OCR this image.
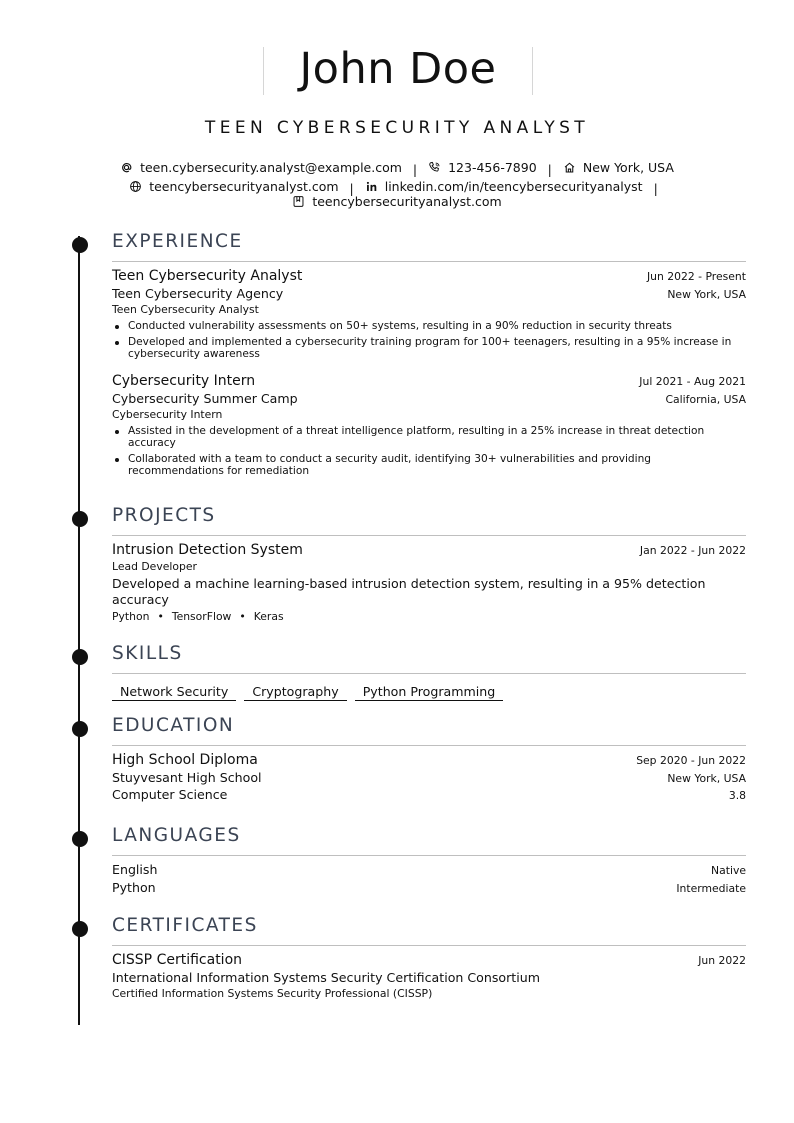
John Doe
TEEN CYBERSECURITY ANALYST
teen.cybersecurity.analyst@example.com | 123-456-7890 | New York, USA
teencybersecurityanalyst.com | linkedin.com/in/teencybersecurityanalyst |
teencybersecurityanalyst.com
EXPERIENCE
Teen Cybersecurity Analyst	Jun 2022 - Present
Teen Cybersecurity Agency	New York, USA
Teen Cybersecurity Analyst
Conducted vulnerability assessments on 50+ systems, resulting in a 90% reduction in security threats
Developed and implemented a cybersecurity training program for 100+ teenagers, resulting in a 95% increase in cybersecurity awareness
Cybersecurity Intern	Jul 2021 - Aug 2021
Cybersecurity Summer Camp	California, USA
Cybersecurity Intern
Assisted in the development of a threat intelligence platform, resulting in a 25% increase in threat detection accuracy
Collaborated with a team to conduct a security audit, identifying 30+ vulnerabilities and providing recommendations for remediation
PROJECTS
Intrusion Detection System	Jan 2022 - Jun 2022
Lead Developer
Developed a machine learning-based intrusion detection system, resulting in a 95% detection accuracy
Python • TensorFlow • Keras
SKILLS
Network Security Cryptography Python Programming
EDUCATION
High School Diploma	Sep 2020 - Jun 2022
Stuyvesant High School	New York, USA
Computer Science	3.8
LANGUAGES
English	Native
Python	Intermediate
CERTIFICATES
CISSP Certification	Jun 2022
International Information Systems Security Certification Consortium
Certified Information Systems Security Professional (CISSP)
